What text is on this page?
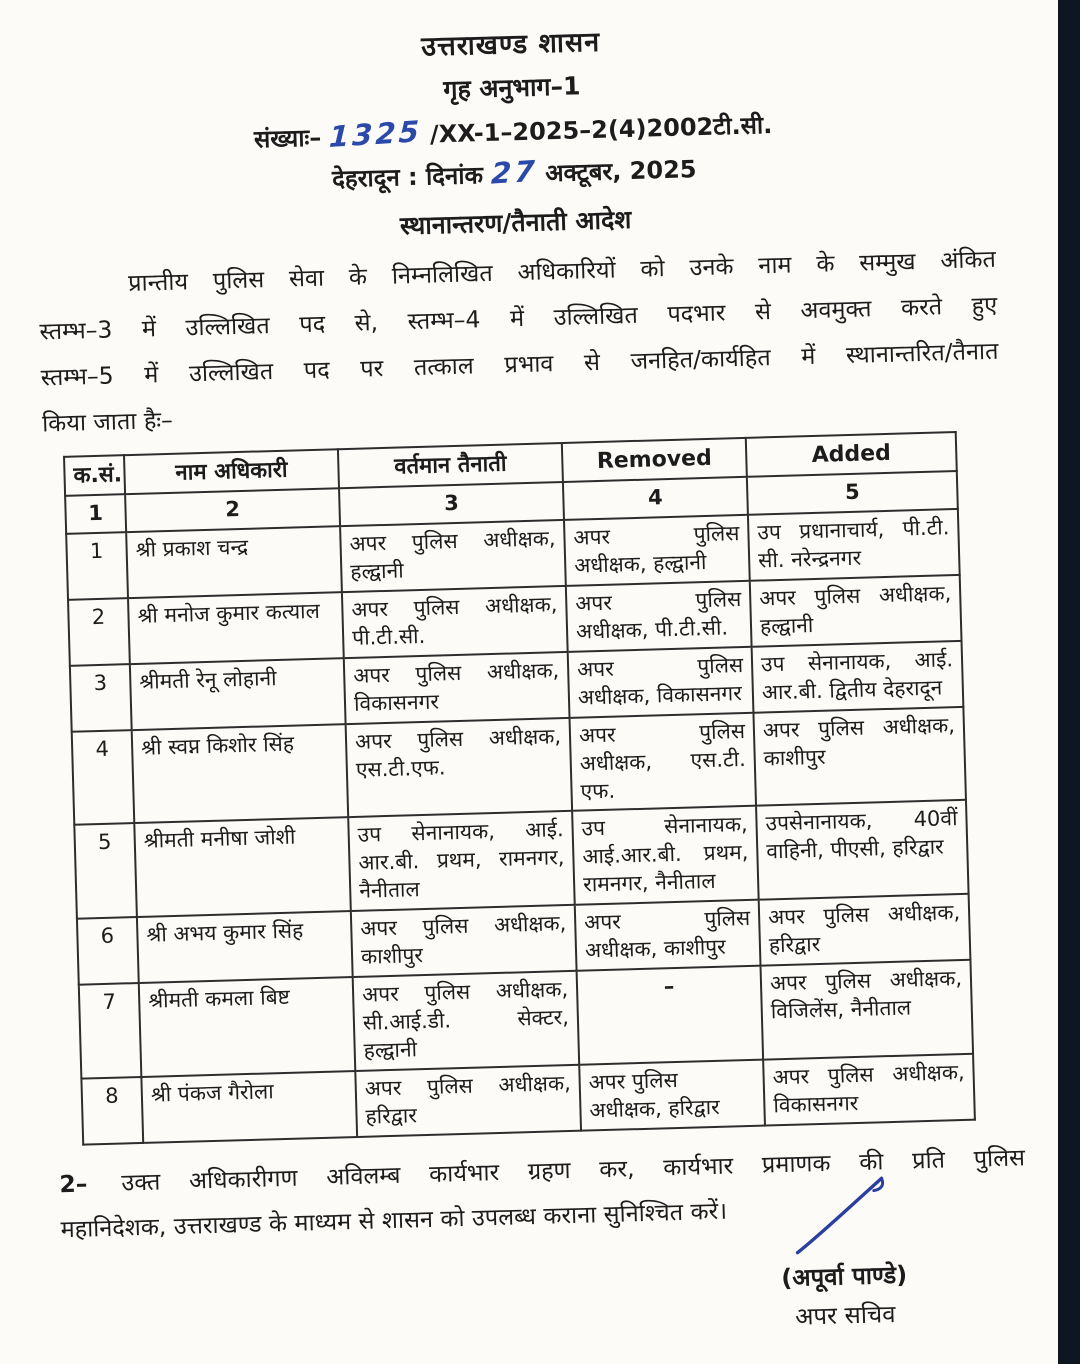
उत्तराखण्ड शासन
गृह अनुभाग–1
संख्याः– 1325 /XX-1–2025–2(4)2002टी.सी.
देहरादून : दिनांक 27 अक्टूबर, 2025
स्थानान्तरण/तैनाती आदेश
प्रान्तीय पुलिस सेवा के निम्नलिखित अधिकारियों को उनके नाम के सम्मुख अंकित
स्तम्भ–3 में उल्लिखित पद से, स्तम्भ–4 में उल्लिखित पदभार से अवमुक्त करते हुए
स्तम्भ–5 में उल्लिखित पद पर तत्काल प्रभाव से जनहित/कार्यहित में स्थानान्तरित/तैनात
किया जाता हैः–
क.सं.	नाम अधिकारी	वर्तमान तैनाती	Removed	Added
1	2	3	4	5
1	श्री प्रकाश चन्द्र	अपर पुलिस अधीक्षक, हल्द्वानी	अपर पुलिस अधीक्षक, हल्द्वानी	उप प्रधानाचार्य, पी.टी. सी. नरेन्द्रनगर
2	श्री मनोज कुमार कत्याल	अपर पुलिस अधीक्षक, पी.टी.सी.	अपर पुलिस अधीक्षक, पी.टी.सी.	अपर पुलिस अधीक्षक, हल्द्वानी
3	श्रीमती रेनू लोहानी	अपर पुलिस अधीक्षक, विकासनगर	अपर पुलिस अधीक्षक, विकासनगर	उप सेनानायक, आई. आर.बी. द्वितीय देहरादून
4	श्री स्वप्न किशोर सिंह	अपर पुलिस अधीक्षक, एस.टी.एफ.	अपर पुलिस अधीक्षक, एस.टी. एफ.	अपर पुलिस अधीक्षक, काशीपुर
5	श्रीमती मनीषा जोशी	उप सेनानायक, आई. आर.बी. प्रथम, रामनगर, नैनीताल	उप सेनानायक, आई.आर.बी. प्रथम, रामनगर, नैनीताल	उपसेनानायक, 40वीं वाहिनी, पीएसी, हरिद्वार
6	श्री अभय कुमार सिंह	अपर पुलिस अधीक्षक, काशीपुर	अपर पुलिस अधीक्षक, काशीपुर	अपर पुलिस अधीक्षक, हरिद्वार
7	श्रीमती कमला बिष्ट	अपर पुलिस अधीक्षक, सी.आई.डी. सेक्टर, हल्द्वानी	–	अपर पुलिस अधीक्षक, विजिलेंस, नैनीताल
8	श्री पंकज गैरोला	अपर पुलिस अधीक्षक, हरिद्वार	अपर पुलिस अधीक्षक, हरिद्वार	अपर पुलिस अधीक्षक, विकासनगर
2– उक्त अधिकारीगण अविलम्ब कार्यभार ग्रहण कर, कार्यभार प्रमाणक की प्रति पुलिस
महानिदेशक, उत्तराखण्ड के माध्यम से शासन को उपलब्ध कराना सुनिश्चित करें।
(अपूर्वा पाण्डे)
अपर सचिव
